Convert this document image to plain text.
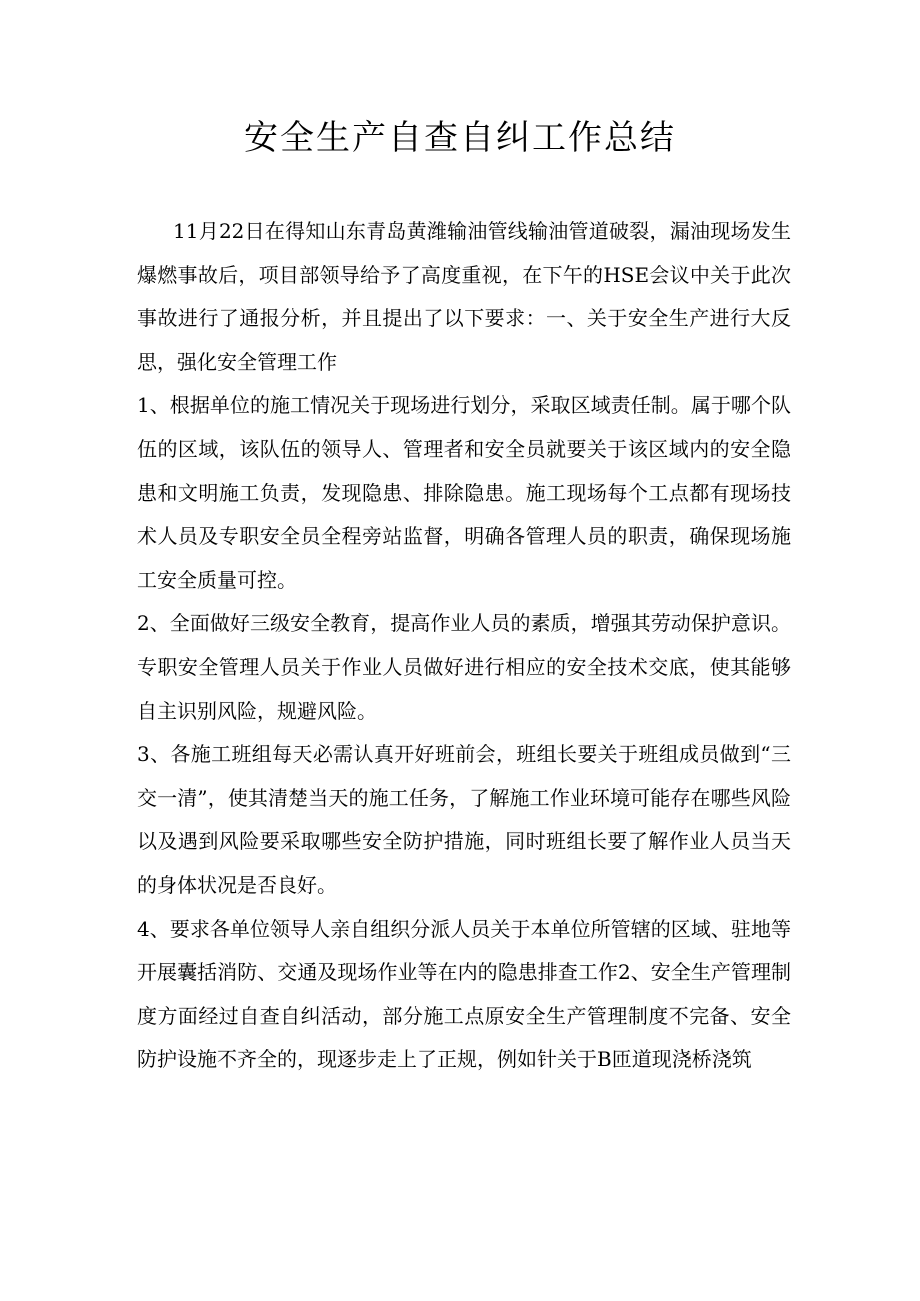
安全生产自查自纠工作总结

11月22日在得知山东青岛黄潍输油管线输油管道破裂，漏油现场发生爆燃事故后，项目部领导给予了高度重视，在下午的HSE会议中关于此次事故进行了通报分析，并且提出了以下要求：一、关于安全生产进行大反思，强化安全管理工作

1、根据单位的施工情况关于现场进行划分，采取区域责任制。属于哪个队伍的区域，该队伍的领导人、管理者和安全员就要关于该区域内的安全隐患和文明施工负责，发现隐患、排除隐患。施工现场每个工点都有现场技术人员及专职安全员全程旁站监督，明确各管理人员的职责，确保现场施工安全质量可控。

2、全面做好三级安全教育，提高作业人员的素质，增强其劳动保护意识。专职安全管理人员关于作业人员做好进行相应的安全技术交底，使其能够自主识别风险，规避风险。

3、各施工班组每天必需认真开好班前会，班组长要关于班组成员做到“三交一清”，使其清楚当天的施工任务，了解施工作业环境可能存在哪些风险以及遇到风险要采取哪些安全防护措施，同时班组长要了解作业人员当天的身体状况是否良好。

4、要求各单位领导人亲自组织分派人员关于本单位所管辖的区域、驻地等开展囊括消防、交通及现场作业等在内的隐患排查工作2、安全生产管理制度方面经过自查自纠活动，部分施工点原安全生产管理制度不完备、安全防护设施不齐全的，现逐步走上了正规，例如针关于B匝道现浇桥浇筑
